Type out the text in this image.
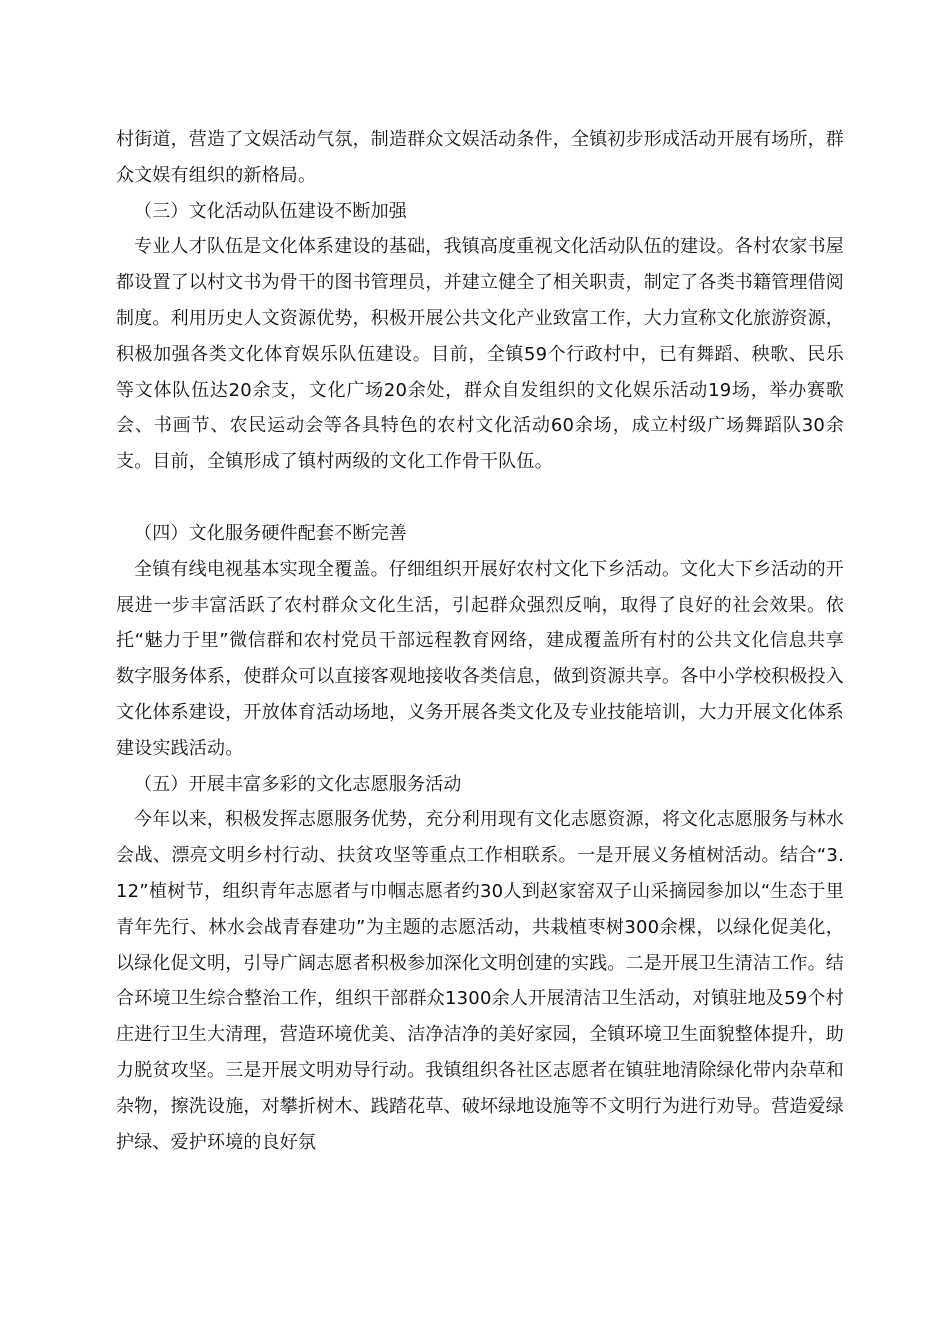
村街道，营造了文娱活动气氛，制造群众文娱活动条件，全镇初步形成活动开展有场所，群众文娱有组织的新格局。

（三）文化活动队伍建设不断加强

专业人才队伍是文化体系建设的基础，我镇高度重视文化活动队伍的建设。各村农家书屋都设置了以村文书为骨干的图书管理员，并建立健全了相关职责，制定了各类书籍管理借阅制度。利用历史人文资源优势，积极开展公共文化产业致富工作，大力宣称文化旅游资源，积极加强各类文化体育娱乐队伍建设。目前，全镇59个行政村中，已有舞蹈、秧歌、民乐等文体队伍达20余支，文化广场20余处，群众自发组织的文化娱乐活动19场，举办赛歌会、书画节、农民运动会等各具特色的农村文化活动60余场，成立村级广场舞蹈队30余支。目前，全镇形成了镇村两级的文化工作骨干队伍。

（四）文化服务硬件配套不断完善

全镇有线电视基本实现全覆盖。仔细组织开展好农村文化下乡活动。文化大下乡活动的开展进一步丰富活跃了农村群众文化生活，引起群众强烈反响，取得了良好的社会效果。依托“魅力于里”微信群和农村党员干部远程教育网络，建成覆盖所有村的公共文化信息共享数字服务体系，使群众可以直接客观地接收各类信息，做到资源共享。各中小学校积极投入文化体系建设，开放体育活动场地，义务开展各类文化及专业技能培训，大力开展文化体系建设实践活动。

（五）开展丰富多彩的文化志愿服务活动

今年以来，积极发挥志愿服务优势，充分利用现有文化志愿资源，将文化志愿服务与林水会战、漂亮文明乡村行动、扶贫攻坚等重点工作相联系。一是开展义务植树活动。结合“3.12”植树节，组织青年志愿者与巾帼志愿者约30人到赵家窑双子山采摘园参加以“生态于里青年先行、林水会战青春建功”为主题的志愿活动，共栽植枣树300余棵，以绿化促美化，以绿化促文明，引导广阔志愿者积极参加深化文明创建的实践。二是开展卫生清洁工作。结合环境卫生综合整治工作，组织干部群众1300余人开展清洁卫生活动，对镇驻地及59个村庄进行卫生大清理，营造环境优美、洁净洁净的美好家园，全镇环境卫生面貌整体提升，助力脱贫攻坚。三是开展文明劝导行动。我镇组织各社区志愿者在镇驻地清除绿化带内杂草和杂物，擦洗设施，对攀折树木、践踏花草、破坏绿地设施等不文明行为进行劝导。营造爱绿护绿、爱护环境的良好氛
